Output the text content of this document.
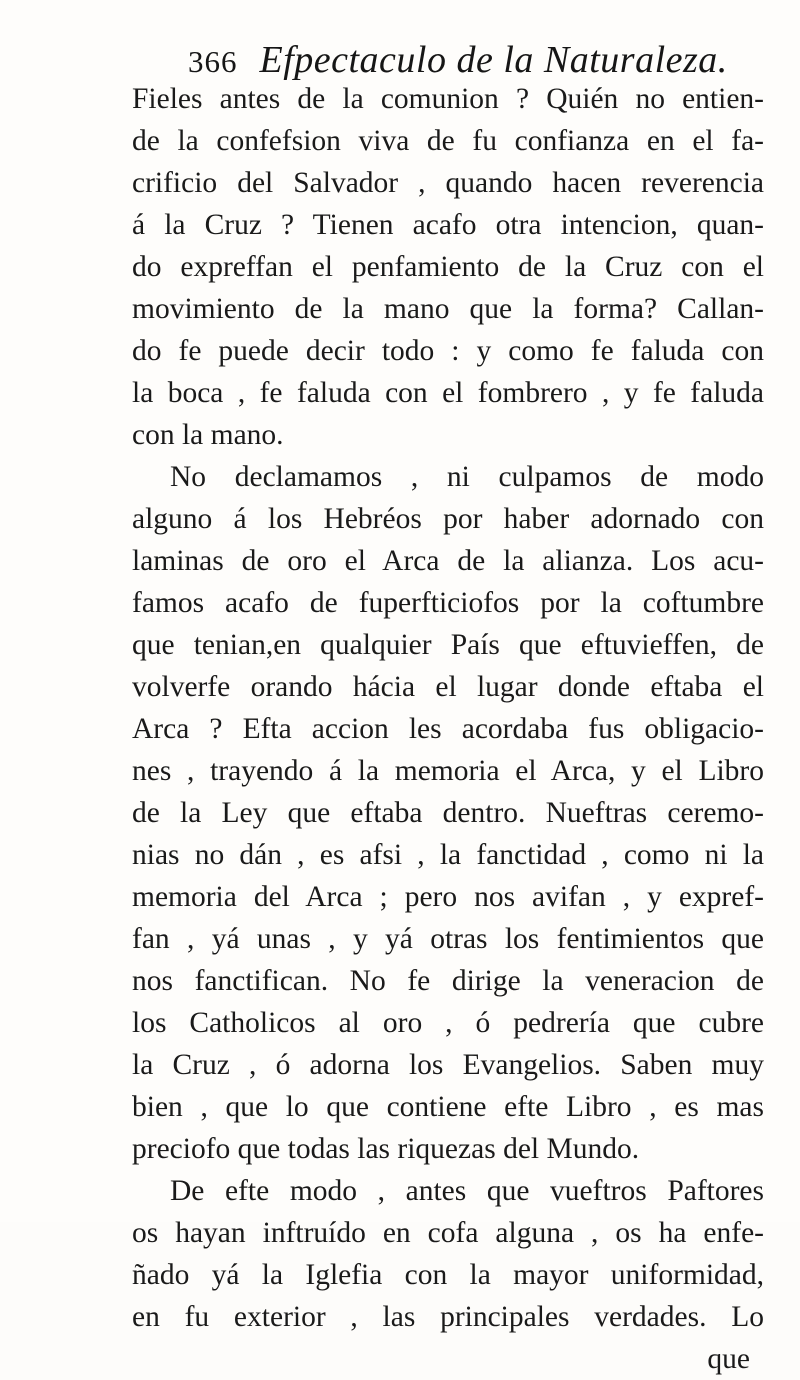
366 Efpectaculo de la Naturaleza.
Fieles antes de la comunion ? Quién no entien-
de la confefsion viva de fu confianza en el fa-
crificio del Salvador , quando hacen reverencia
á la Cruz ? Tienen acafo otra intencion, quan-
do expreffan el penfamiento de la Cruz con el
movimiento de la mano que la forma? Callan-
do fe puede decir todo : y como fe faluda con
la boca , fe faluda con el fombrero , y fe faluda
con la mano.
No declamamos , ni culpamos de modo
alguno á los Hebréos por haber adornado con
laminas de oro el Arca de la alianza. Los acu-
famos acafo de fuperfticiofos por la coftumbre
que tenian,en qualquier País que eftuvieffen, de
volverfe orando hácia el lugar donde eftaba el
Arca ? Efta accion les acordaba fus obligacio-
nes , trayendo á la memoria el Arca, y el Libro
de la Ley que eftaba dentro. Nueftras ceremo-
nias no dán , es afsi , la fanctidad , como ni la
memoria del Arca ; pero nos avifan , y expref-
fan , yá unas , y yá otras los fentimientos que
nos fanctifican. No fe dirige la veneracion de
los Catholicos al oro , ó pedrería que cubre
la Cruz , ó adorna los Evangelios. Saben muy
bien , que lo que contiene efte Libro , es mas
preciofo que todas las riquezas del Mundo.
De efte modo , antes que vueftros Paftores
os hayan inftruído en cofa alguna , os ha enfe-
ñado yá la Iglefia con la mayor uniformidad,
en fu exterior , las principales verdades. Lo
que
